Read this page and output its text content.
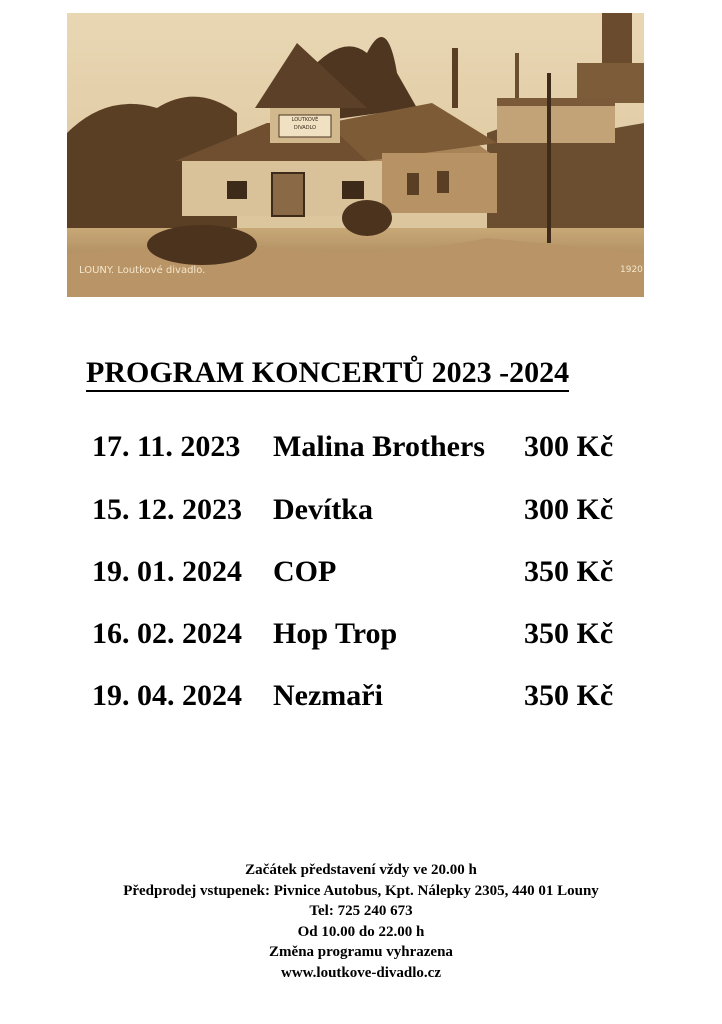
LOUTKOVÉ
DIVADLO
LOUNY. Loutkové divadlo.	1920
PROGRAM KONCERTŮ 2023 -2024
17. 11. 2023 Malina Brothers 300 Kč
15. 12. 2023 Devítka	300 Kč
19. 01. 2024 COP	350 Kč
16. 02. 2024 Hop Trop	350 Kč
19. 04. 2024 Nezmaři	350 Kč
Začátek představení vždy ve 20.00 h
Předprodej vstupenek: Pivnice Autobus, Kpt. Nálepky 2305, 440 01 Louny
Tel: 725 240 673
Od 10.00 do 22.00 h
Změna programu vyhrazena
www.loutkove-divadlo.cz
